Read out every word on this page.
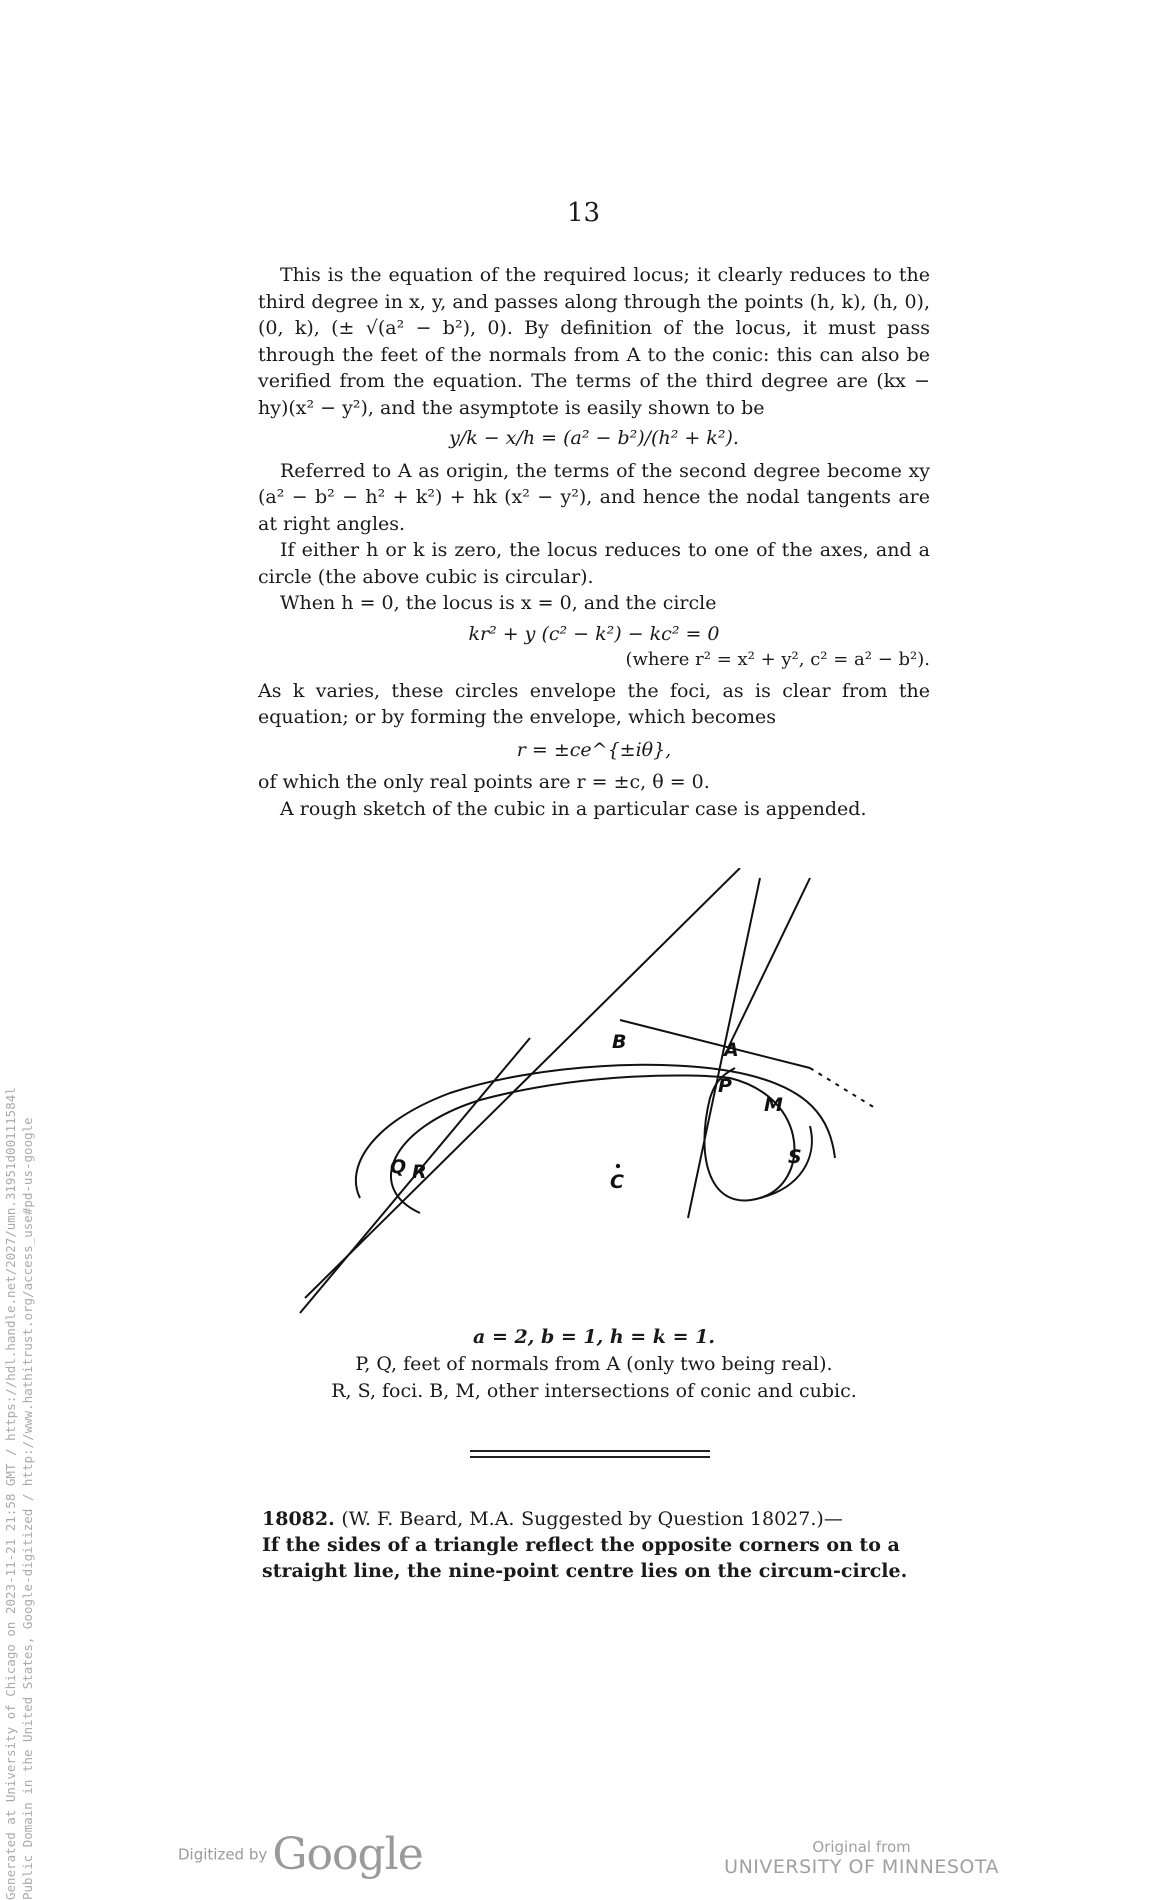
13

This is the equation of the required locus; it clearly reduces to the third degree in x, y, and passes along through the points (h, k), (h, 0), (0, k), (± √(a² − b²), 0). By definition of the locus, it must pass through the feet of the normals from A to the conic: this can also be verified from the equation. The terms of the third degree are (kx − hy)(x² − y²), and the asymptote is easily shown to be

y/k − x/h = (a² − b²)/(h² + k²).

Referred to A as origin, the terms of the second degree become xy (a² − b² − h² + k²) + hk (x² − y²), and hence the nodal tangents are at right angles.

If either h or k is zero, the locus reduces to one of the axes, and a circle (the above cubic is circular).

When h = 0, the locus is x = 0, and the circle

kr² + y (c² − k²) − kc² = 0

(where r² = x² + y², c² = a² − b²).

As k varies, these circles envelope the foci, as is clear from the equation; or by forming the envelope, which becomes

r = ±ce^{±iθ},

of which the only real points are r = ±c, θ = 0.

A rough sketch of the cubic in a particular case is appended.

B	A
P
M
Q R
S
C
a = 2, b = 1, h = k = 1.
P, Q, feet of normals from A (only two being real).
R, S, foci. B, M, other intersections of conic and cubic.
18082. (W. F. Beard, M.A. Suggested by Question 18027.)—
If the sides of a triangle reflect the opposite corners on to a straight line, the nine-point centre lies on the circum-circle.
Generated at University of Chicago on 2023-11-21 21:58 GMT / https://hdl.handle.net/2027/umn.31951d00111584l Public Domain in the United States, Google-digitized / http://www.hathitrust.org/access_use#pd-us-google	Digitized by Google	Original from
UNIVERSITY OF MINNESOTA
